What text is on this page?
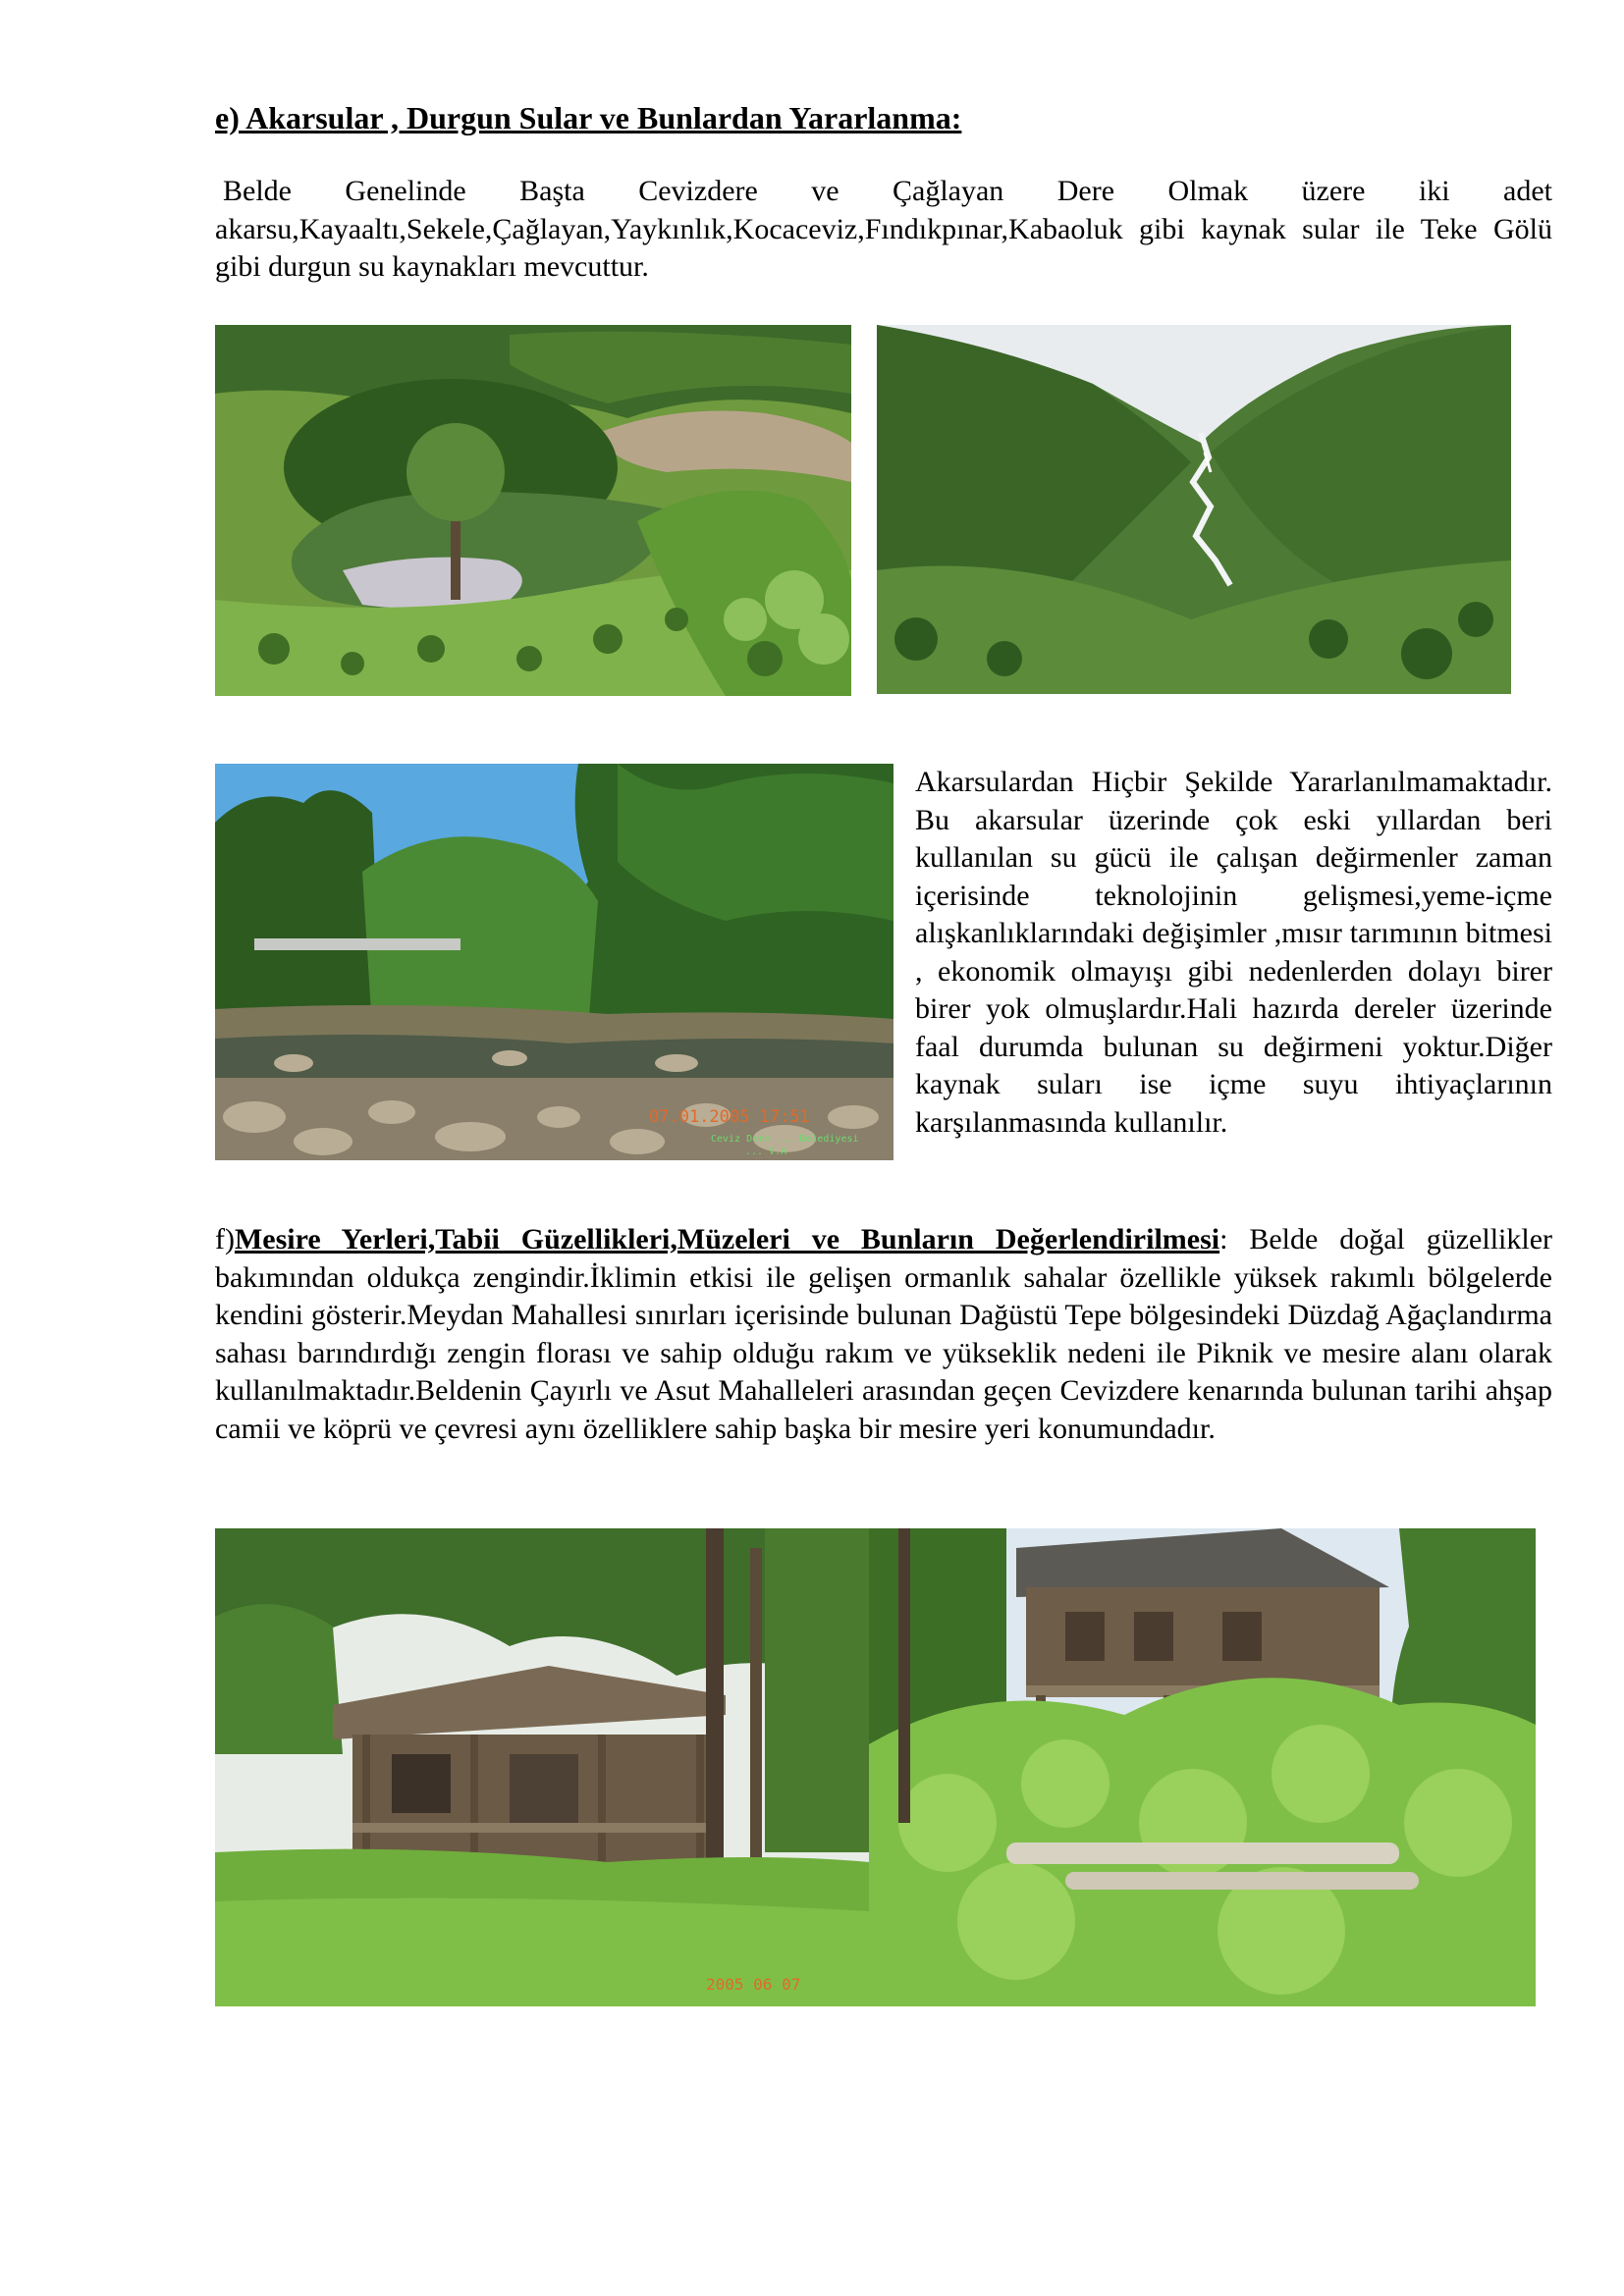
e) Akarsular , Durgun Sular ve Bunlardan Yararlanma:

Belde Genelinde Başta Cevizdere ve Çağlayan Dere Olmak üzere iki adet akarsu,Kayaaltı,Sekele,Çağlayan,Yaykınlık,Kocaceviz,Fındıkpınar,Kabaoluk gibi kaynak sular ile Teke Gölü gibi durgun su kaynakları mevcuttur.

07.01.2005 17:51
Ceviz Dere ... Belediyesi
... V.A

Akarsulardan Hiçbir Şekilde Yararlanılmamaktadır. Bu akarsular üzerinde çok eski yıllardan beri kullanılan su gücü ile çalışan değirmenler zaman içerisinde teknolojinin gelişmesi,yeme-içme alışkanlıklarındaki değişimler ,mısır tarımının bitmesi , ekonomik olmayışı gibi nedenlerden dolayı birer birer yok olmuşlardır.Hali hazırda dereler üzerinde faal durumda bulunan su değirmeni yoktur.Diğer kaynak suları ise içme suyu ihtiyaçlarının karşılanmasında kullanılır.

f)Mesire Yerleri,Tabii Güzellikleri,Müzeleri ve Bunların Değerlendirilmesi: Belde doğal güzellikler bakımından oldukça zengindir.İklimin etkisi ile gelişen ormanlık sahalar özellikle yüksek rakımlı bölgelerde kendini gösterir.Meydan Mahallesi sınırları içerisinde bulunan Dağüstü Tepe bölgesindeki Düzdağ Ağaçlandırma sahası barındırdığı zengin florası ve sahip olduğu rakım ve yükseklik nedeni ile Piknik ve mesire alanı olarak kullanılmaktadır.Beldenin Çayırlı ve Asut Mahalleleri arasından geçen Cevizdere kenarında bulunan tarihi ahşap camii ve köprü ve çevresi aynı özelliklere sahip başka bir mesire yeri konumundadır.

2005 06 07
